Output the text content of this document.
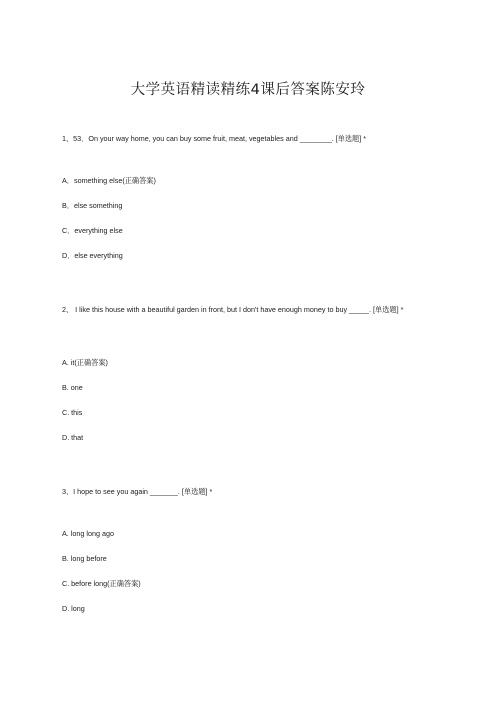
大学英语精读精练4课后答案陈安玲
1、53．On your way home, you can buy some fruit, meat, vegetables and ________. [单选题] *
A．something else(正确答案)
B．else something
C．everything else
D．else everything
2、 I like this house with a beautiful garden in front, but I don't have enough money to buy _____. [单选题] *
A. it(正确答案)
B. one
C. this
D. that
3、I hope to see you again _______. [单选题] *
A. long long ago
B. long before
C. before long(正确答案)
D. long
